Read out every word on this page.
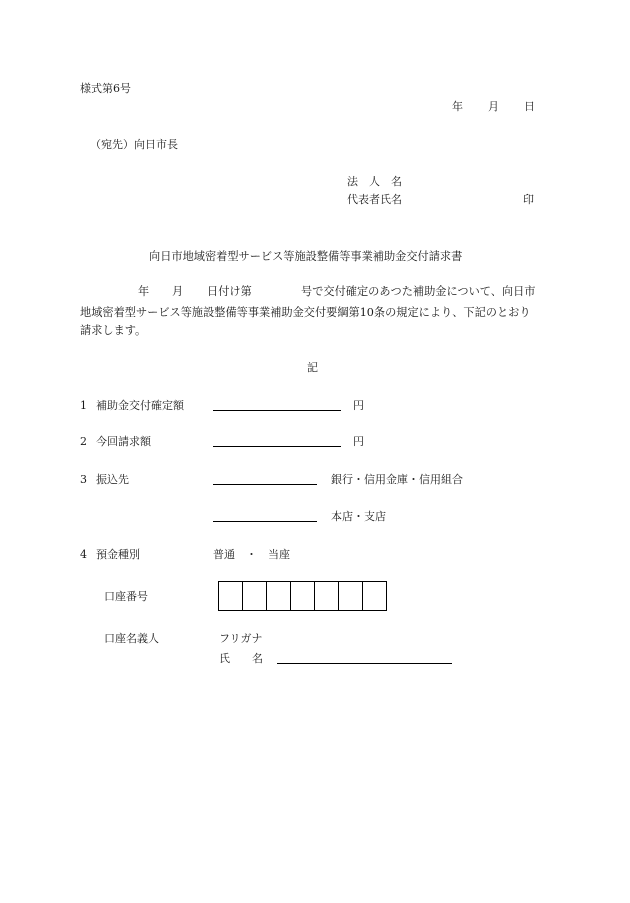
様式第6号
年 月 日
（宛先）向日市長
法　人　名
代表者氏名	印
向日市地域密着型サービス等施設整備等事業補助金交付請求書
年 月 日付け第	号で交付確定のあつた補助金について、向日市
地域密着型サービス等施設整備等事業補助金交付要綱第10条の規定により、下記のとおり
請求します。
記
1 補助金交付確定額	円
2 今回請求額	円
3 振込先	銀行・信用金庫・信用組合
本店・支店
4 預金種別	普通　・　当座
口座番号
口座名義人	フリガナ
氏　　名
